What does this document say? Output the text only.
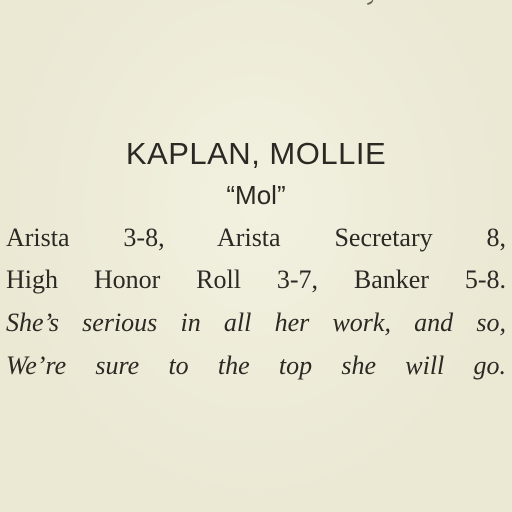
KAPLAN, MOLLIE
“Mol”
Arista 3-8, Arista Secretary 8,
High Honor Roll 3-7, Banker 5-8.
She’s serious in all her work, and so,
We’re sure to the top she will go.
